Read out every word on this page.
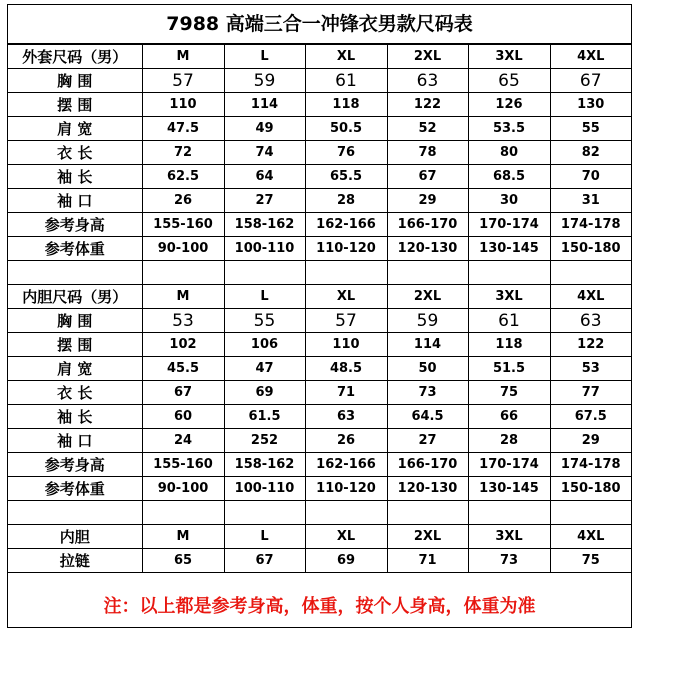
7988 高端三合一冲锋衣男款尺码表
外套尺码（男）	M	L	XL	2XL	3XL	4XL
胸 围	57	59	61	63	65	67
摆 围	110	114	118	122	126	130
肩 宽	47.5	49	50.5	52	53.5	55
衣 长	72	74	76	78	80	82
袖 长	62.5	64	65.5	67	68.5	70
袖 口	26	27	28	29	30	31
参考身高	155-160	158-162	162-166	166-170	170-174	174-178
参考体重	90-100	100-110	110-120	120-130	130-145	150-180

内胆尺码（男）	M	L	XL	2XL	3XL	4XL
胸 围	53	55	57	59	61	63
摆 围	102	106	110	114	118	122
肩 宽	45.5	47	48.5	50	51.5	53
衣 长	67	69	71	73	75	77
袖 长	60	61.5	63	64.5	66	67.5
袖 口	24	252	26	27	28	29
参考身高	155-160	158-162	162-166	166-170	170-174	174-178
参考体重	90-100	100-110	110-120	120-130	130-145	150-180

内胆	M	L	XL	2XL	3XL	4XL
拉链	65	67	69	71	73	75
注：以上都是参考身高，体重，按个人身高，体重为准
